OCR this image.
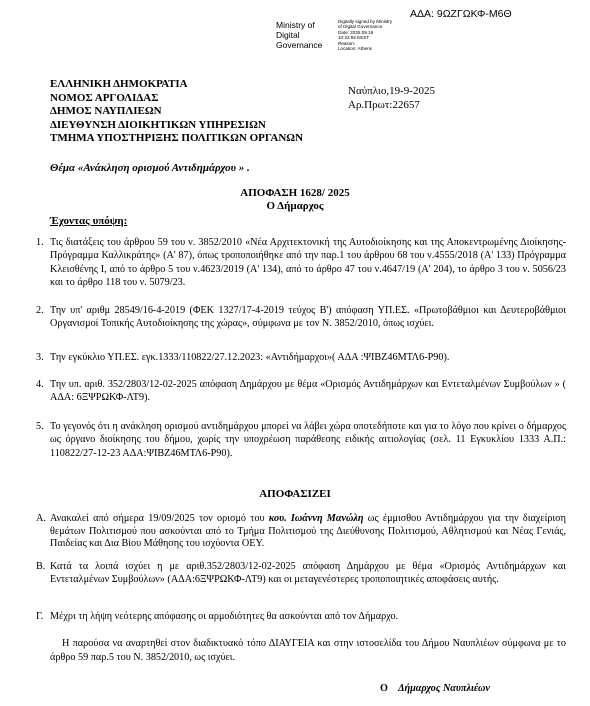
ΑΔΑ: 9ΩΖΓΩΚΦ-Μ6Θ
Ministry of
Digital
Governance
Digitally signed by Ministry
of Digital Governance
Date: 2025.09.19
10:32:55 EEST
Reason:
Location: Athens
ΕΛΛΗΝΙΚΗ ΔΗΜΟΚΡΑΤΙΑ
ΝΟΜΟΣ ΑΡΓΟΛΙΔΑΣ
ΔΗΜΟΣ ΝΑΥΠΛΙΕΩΝ
ΔΙΕΥΘΥΝΣΗ ΔΙΟΙΚΗΤΙΚΩΝ ΥΠΗΡΕΣΙΩΝ
ΤΜΗΜΑ ΥΠΟΣΤΗΡΙΞΗΣ ΠΟΛΙΤΙΚΩΝ ΟΡΓΑΝΩΝ
Ναύπλιο,19-9-2025
Αρ.Πρωτ:22657
Θέμα «Ανάκληση ορισμού Αντιδημάρχου » .
ΑΠΟΦΑΣΗ 1628/ 2025
Ο Δήμαρχος
Έχοντας υπόψη:
1. Τις διατάξεις του άρθρου 59 του ν. 3852/2010 «Νέα Αρχιτεκτονική της Αυτοδιοίκησης και της Αποκεντρωμένης Διοίκησης- Πρόγραμμα Καλλικράτης» (Α' 87), όπως τροποποιήθηκε από την παρ.1 του άρθρου 68 του ν.4555/2018 (Α' 133) Πρόγραμμα Κλεισθένης Ι, από το άρθρο 5 του ν.4623/2019 (Α' 134), από το άρθρο 47 του ν.4647/19 (Α' 204), το άρθρο 3 του ν. 5056/23 και το άρθρο 118 του ν. 5079/23.
2. Την υπ' αριθμ 28549/16-4-2019 (ΦΕΚ 1327/17-4-2019 τεύχος Β') απόφαση ΥΠ.ΕΣ. «Πρωτοβάθμιοι και Δευτεροβάθμιοι Οργανισμοί Τοπικής Αυτοδιοίκησης της χώρας», σύμφωνα με τον Ν. 3852/2010, όπως ισχύει.
3. Την εγκύκλιο ΥΠ.ΕΣ. εγκ.1333/110822/27.12.2023: «Αντιδήμαρχοι»( ΑΔΑ :ΨΙΒΖ46ΜΤΛ6-Ρ90).
4. Την υπ. αριθ. 352/2803/12-02-2025 απόφαση Δημάρχου με θέμα «Ορισμός Αντιδημάρχων και Εντεταλμένων Συμβούλων » ( ΑΔΑ: 6ΞΨΡΩΚΦ-ΛΤ9).
5. Το γεγονός ότι η ανάκληση ορισμού αντιδημάρχου μπορεί να λάβει χώρα οποτεδήποτε και για το λόγο που κρίνει ο δήμαρχος ως όργανο διοίκησης του δήμου, χωρίς την υποχρέωση παράθεσης ειδικής αιτιολογίας (σελ. 11 Εγκυκλίου 1333 Α.Π.: 110822/27-12-23 ΑΔΑ:ΨΙΒΖ46ΜΤΛ6-Ρ90).
ΑΠΟΦΑΣΙΖΕΙ
Α. Ανακαλεί από σήμερα 19/09/2025 τον ορισμό του κου. Ιωάννη Μανώλη ως έμμισθου Αντιδημάρχου για την διαχείριση θεμάτων Πολιτισμού που ασκούνται από το Τμήμα Πολιτισμού της Διεύθυνσης Πολιτισμού, Αθλητισμού και Νέας Γενιάς, Παιδείας και Δια Βίου Μάθησης του ισχύοντα ΟΕΥ.
Β. Κατά τα λοιπά ισχύει η με αριθ.352/2803/12-02-2025 απόφαση Δημάρχου με θέμα «Ορισμός Αντιδημάρχων και Εντεταλμένων Συμβούλων» (ΑΔΑ:6ΞΨΡΩΚΦ-ΛΤ9) και οι μεταγενέστερες τροποποιητικές αποφάσεις αυτής.
Γ. Μέχρι τη λήψη νεότερης απόφασης οι αρμοδιότητες θα ασκούνται από τον Δήμαρχο.
Η παρούσα να αναρτηθεί στον διαδικτυακό τόπο ΔΙΑΥΓΕΙΑ και στην ιστοσελίδα του Δήμου Ναυπλιέων σύμφωνα με το άρθρο 59 παρ.5 του Ν. 3852/2010, ως ισχύει.
Ο Δήμαρχος Ναυπλιέων
